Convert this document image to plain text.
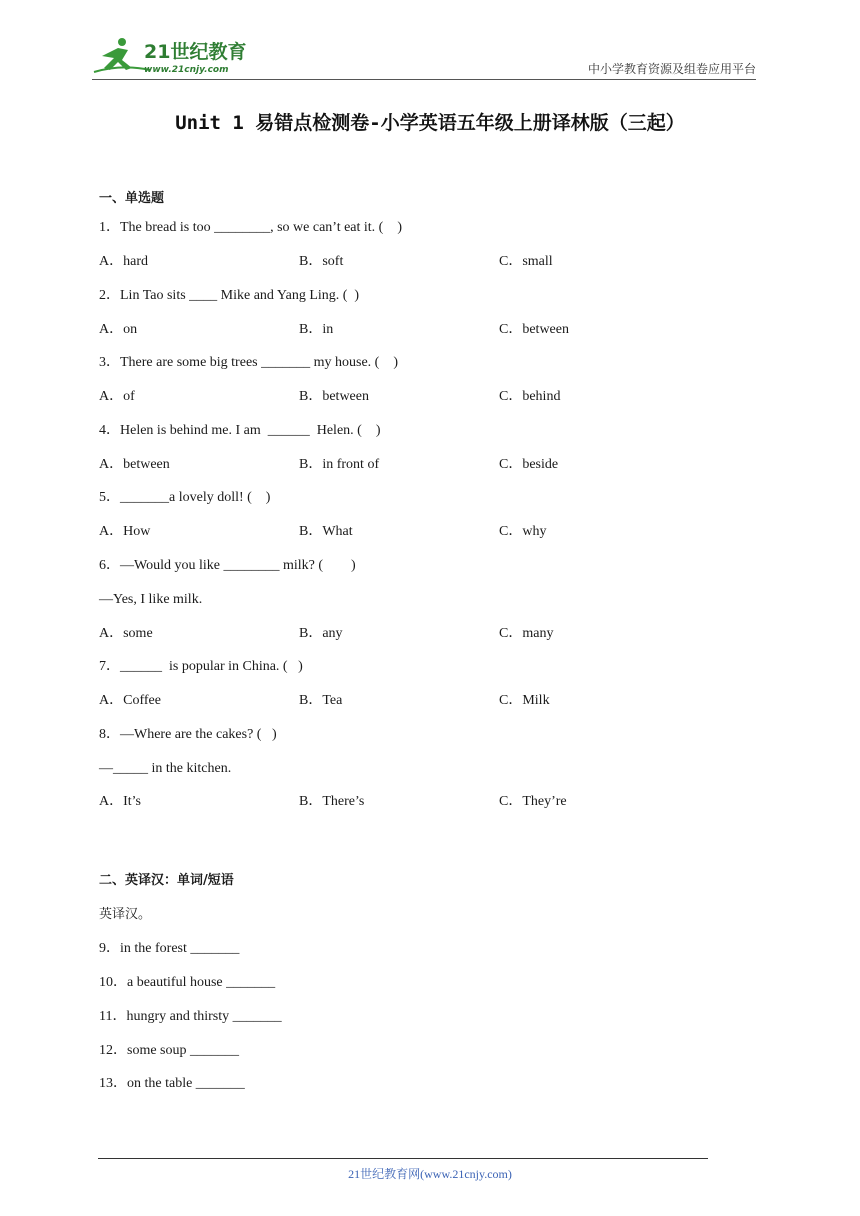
21世纪教育
www.21cnjy.com	中小学教育资源及组卷应用平台
Unit 1 易错点检测卷-小学英语五年级上册译林版（三起）
一、单选题
1．The bread is too ________, so we can’t eat it. (    )
A．hard	B．soft	C．small
2．Lin Tao sits ____ Mike and Yang Ling. (  )
A．on	B．in	C．between
3．There are some big trees _______ my house. (    )
A．of	B．between	C．behind
4．Helen is behind me. I am  ______  Helen. (    )
A．between	B．in front of	C．beside
5．_______a lovely doll! (    )
A．How	B．What	C．why
6．—Would you like ________ milk? (        )
—Yes, I like milk.
A．some	B．any	C．many
7．______  is popular in China. (   )
A．Coffee	B．Tea	C．Milk
8．—Where are the cakes? (   )
—_____ in the kitchen.
A．It’s	B．There’s	C．They’re
二、英译汉：单词/短语
英译汉。
9．in the forest _______
10．a beautiful house _______
11．hungry and thirsty _______
12．some soup _______
13．on the table _______
21世纪教育网(www.21cnjy.com)
